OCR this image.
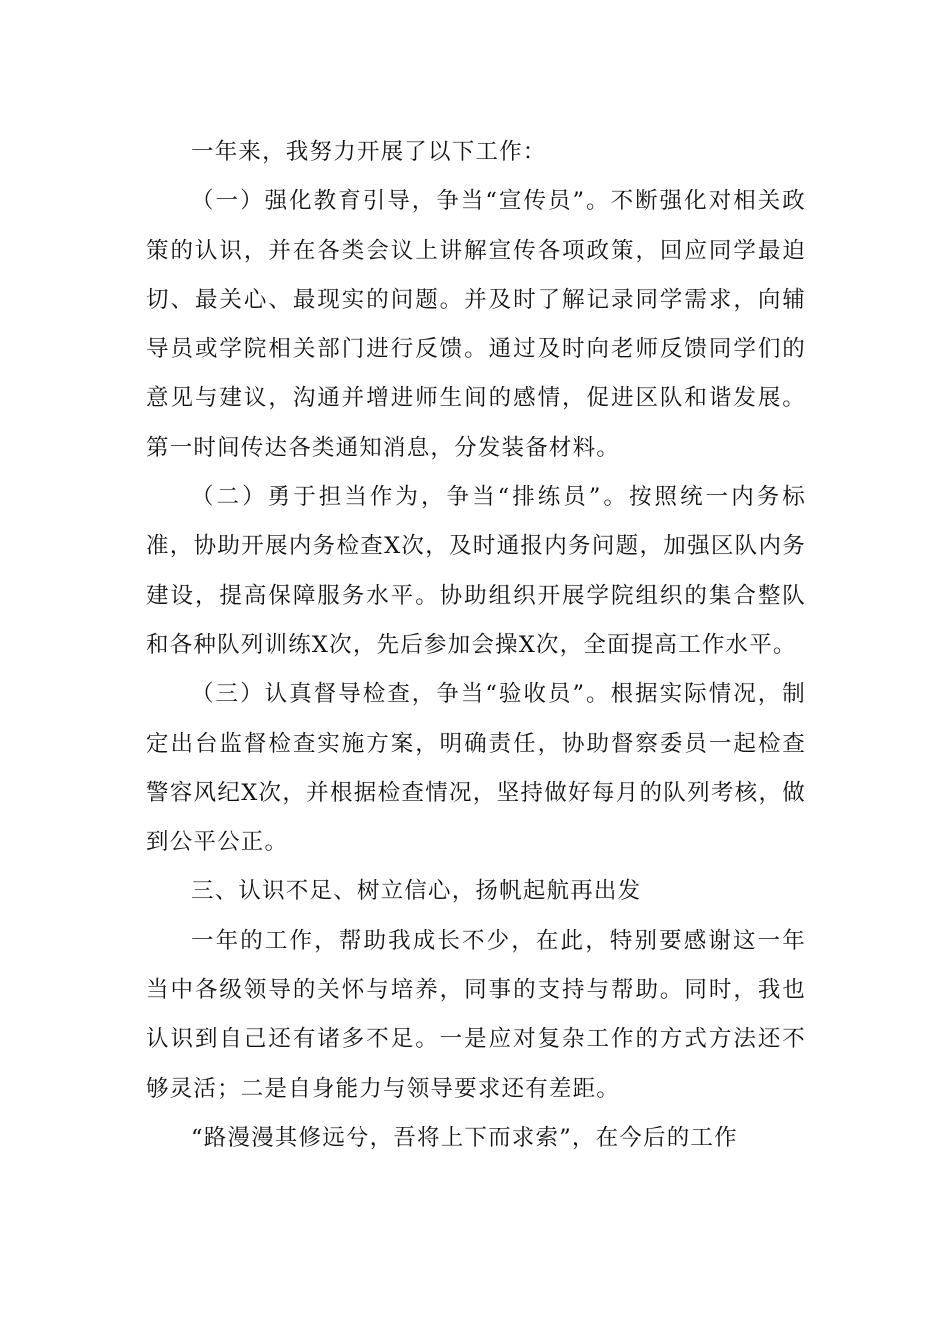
一年来，我努力开展了以下工作：

（一）强化教育引导，争当“宣传员”。不断强化对相关政策的认识，并在各类会议上讲解宣传各项政策，回应同学最迫切、最关心、最现实的问题。并及时了解记录同学需求，向辅导员或学院相关部门进行反馈。通过及时向老师反馈同学们的意见与建议，沟通并增进师生间的感情，促进区队和谐发展。第一时间传达各类通知消息，分发装备材料。

（二）勇于担当作为，争当“排练员”。按照统一内务标准，协助开展内务检查X次，及时通报内务问题，加强区队内务建设，提高保障服务水平。协助组织开展学院组织的集合整队和各种队列训练X次，先后参加会操X次，全面提高工作水平。

（三）认真督导检查，争当“验收员”。根据实际情况，制定出台监督检查实施方案，明确责任，协助督察委员一起检查警容风纪X次，并根据检查情况，坚持做好每月的队列考核，做到公平公正。

三、认识不足、树立信心，扬帆起航再出发

一年的工作，帮助我成长不少，在此，特别要感谢这一年当中各级领导的关怀与培养，同事的支持与帮助。同时，我也认识到自己还有诸多不足。一是应对复杂工作的方式方法还不够灵活；二是自身能力与领导要求还有差距。

“路漫漫其修远兮，吾将上下而求索”，在今后的工作
